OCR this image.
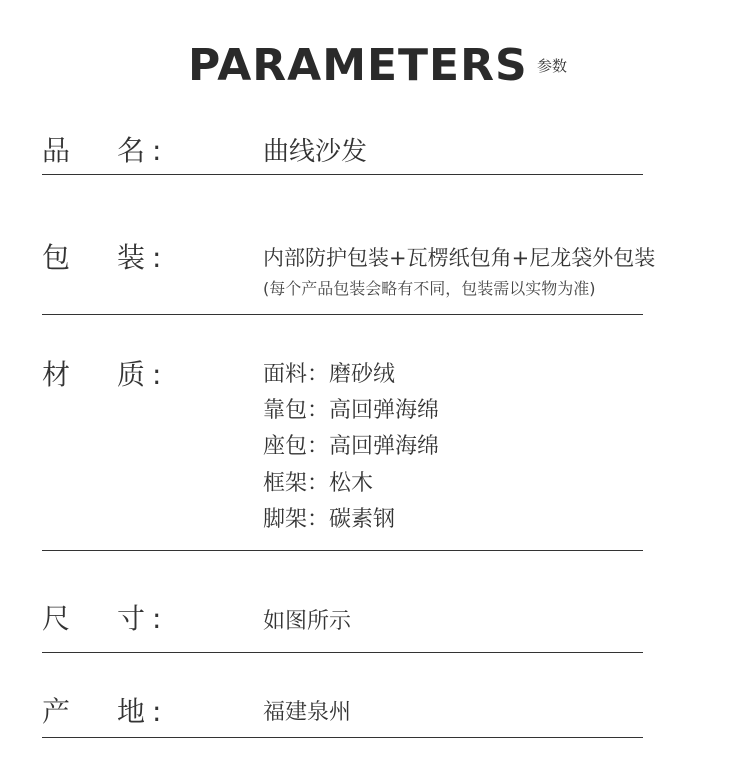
PARAMETERS 参数
品 名 :	曲线沙发
包 装 :	内部防护包装+瓦楞纸包角+尼龙袋外包装
(每个产品包装会略有不同，包装需以实物为准)
材 质 :	面料：磨砂绒
靠包：高回弹海绵
座包：高回弹海绵
框架：松木
脚架：碳素钢
尺 寸 :	如图所示
产 地 :	福建泉州
